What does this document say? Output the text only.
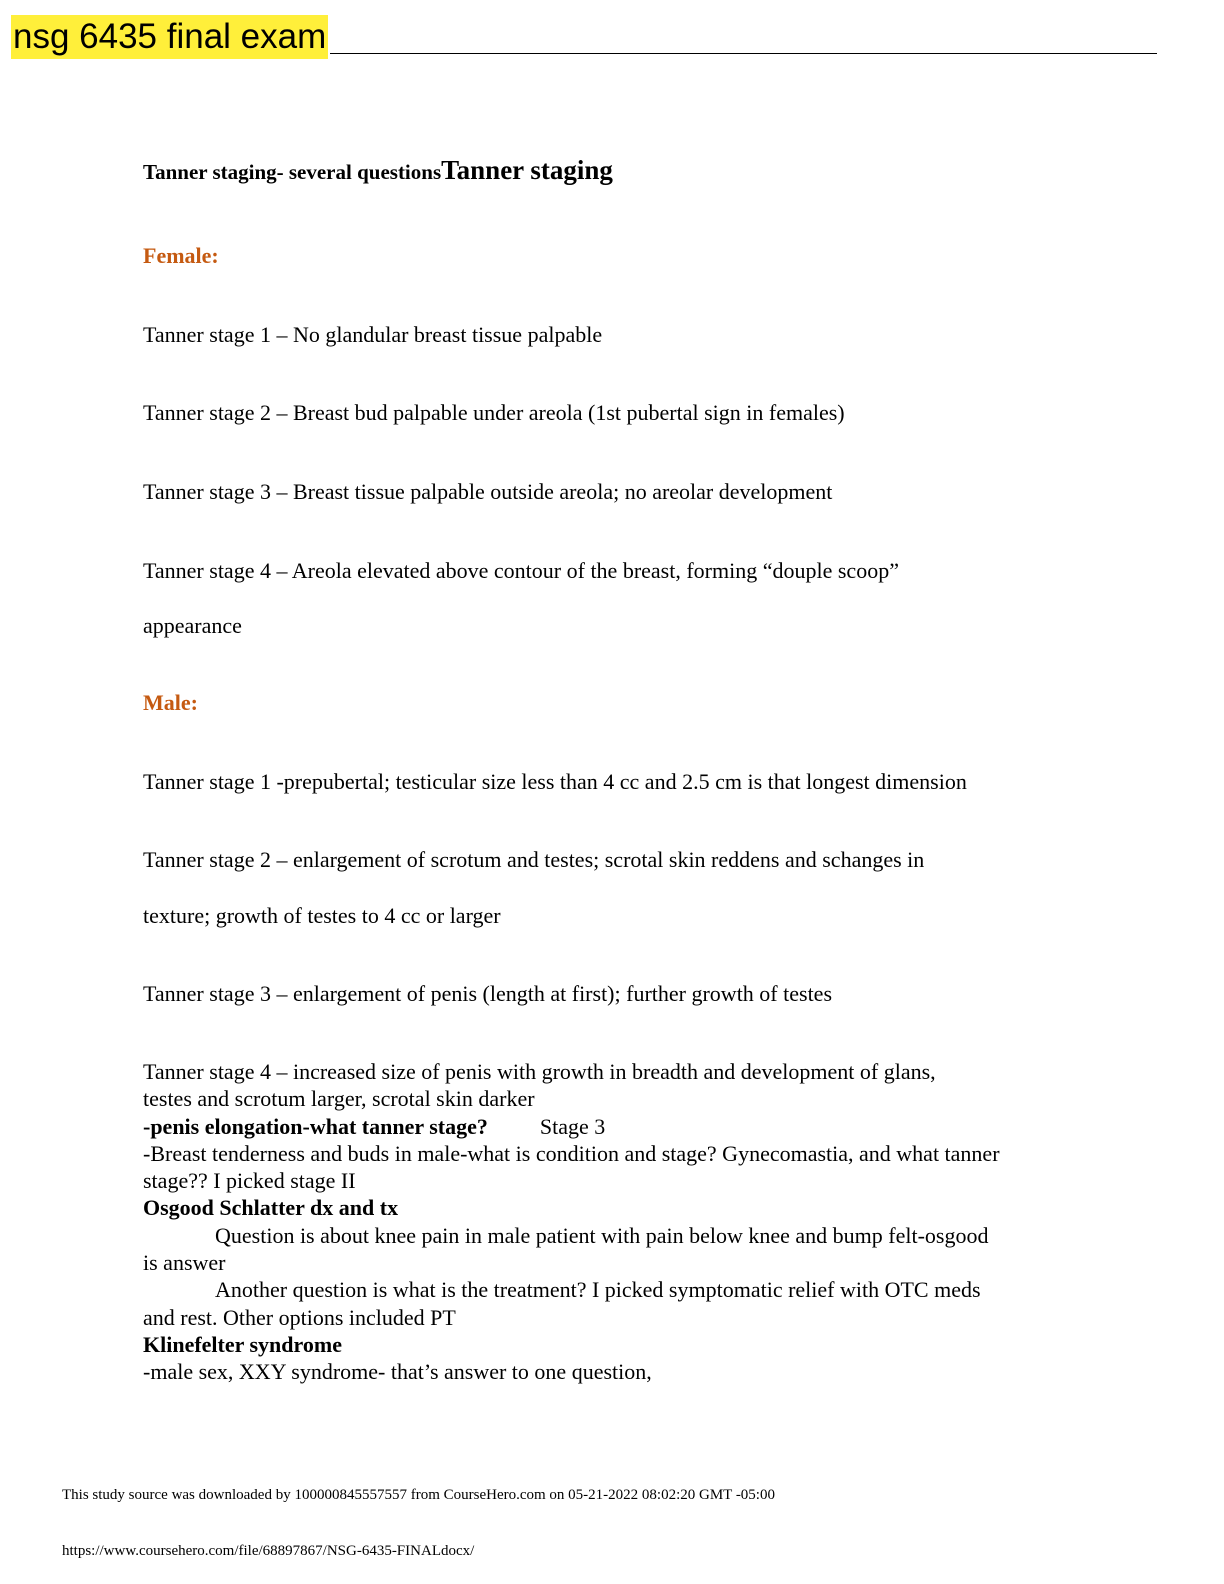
nsg 6435 final exam
Tanner staging- several questionsTanner staging
Female:
Tanner stage 1 – No glandular breast tissue palpable
Tanner stage 2 – Breast bud palpable under areola (1st pubertal sign in females)
Tanner stage 3 – Breast tissue palpable outside areola; no areolar development
Tanner stage 4 – Areola elevated above contour of the breast, forming “douple scoop”
appearance
Male:
Tanner stage 1 -prepubertal; testicular size less than 4 cc and 2.5 cm is that longest dimension
Tanner stage 2 – enlargement of scrotum and testes; scrotal skin reddens and schanges in
texture; growth of testes to 4 cc or larger
Tanner stage 3 – enlargement of penis (length at first); further growth of testes
Tanner stage 4 – increased size of penis with growth in breadth and development of glans,
testes and scrotum larger, scrotal skin darker
-penis elongation-what tanner stage? Stage 3
-Breast tenderness and buds in male-what is condition and stage? Gynecomastia, and what tanner
stage?? I picked stage II
Osgood Schlatter dx and tx
Question is about knee pain in male patient with pain below knee and bump felt-osgood
is answer
Another question is what is the treatment? I picked symptomatic relief with OTC meds
and rest. Other options included PT
Klinefelter syndrome
-male sex, XXY syndrome- that’s answer to one question,
This study source was downloaded by 100000845557557 from CourseHero.com on 05-21-2022 08:02:20 GMT -05:00
https://www.coursehero.com/file/68897867/NSG-6435-FINALdocx/
